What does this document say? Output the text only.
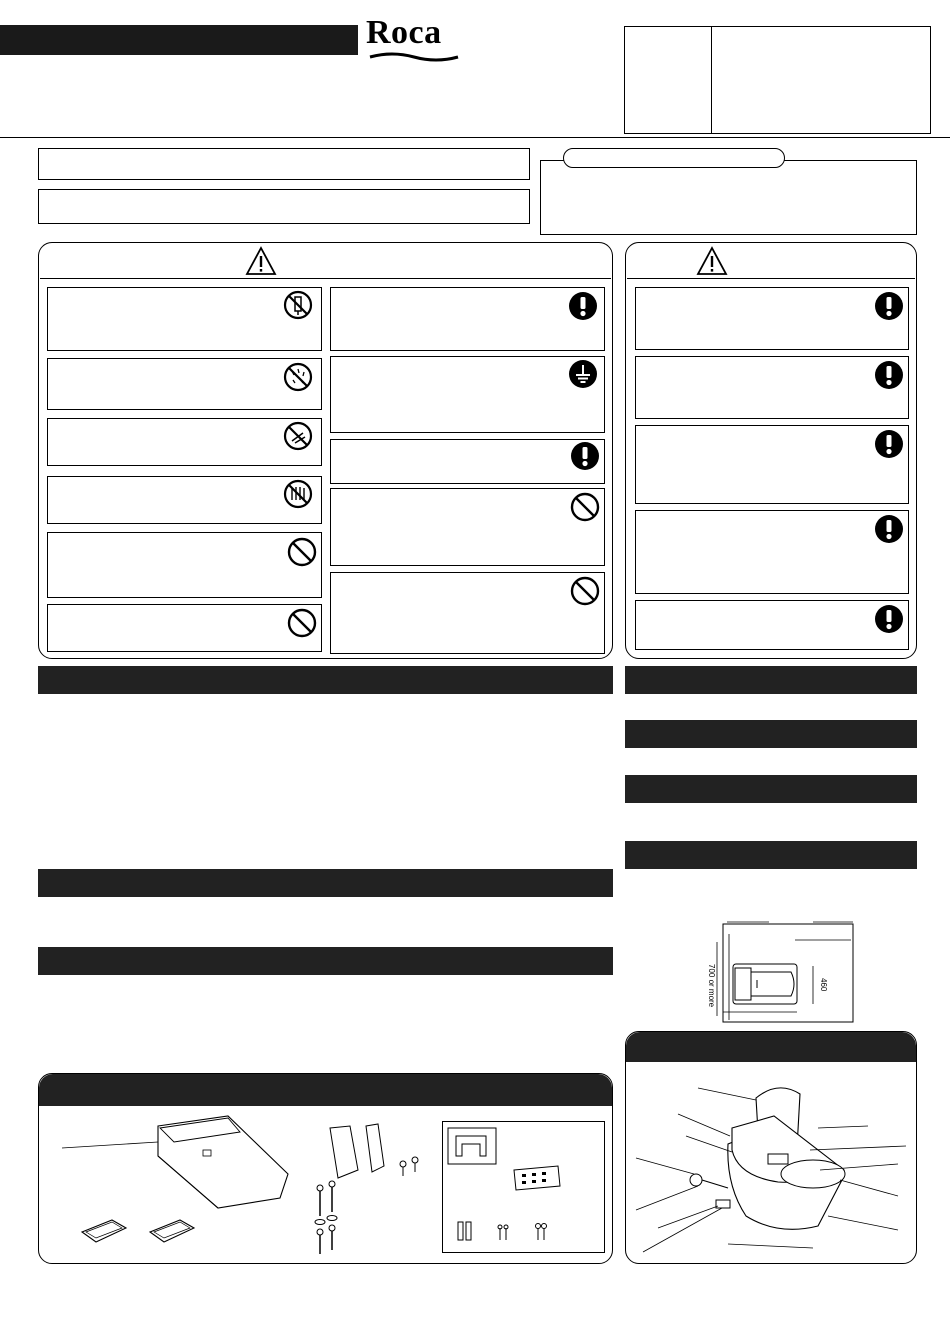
Roca
700 or more	460
